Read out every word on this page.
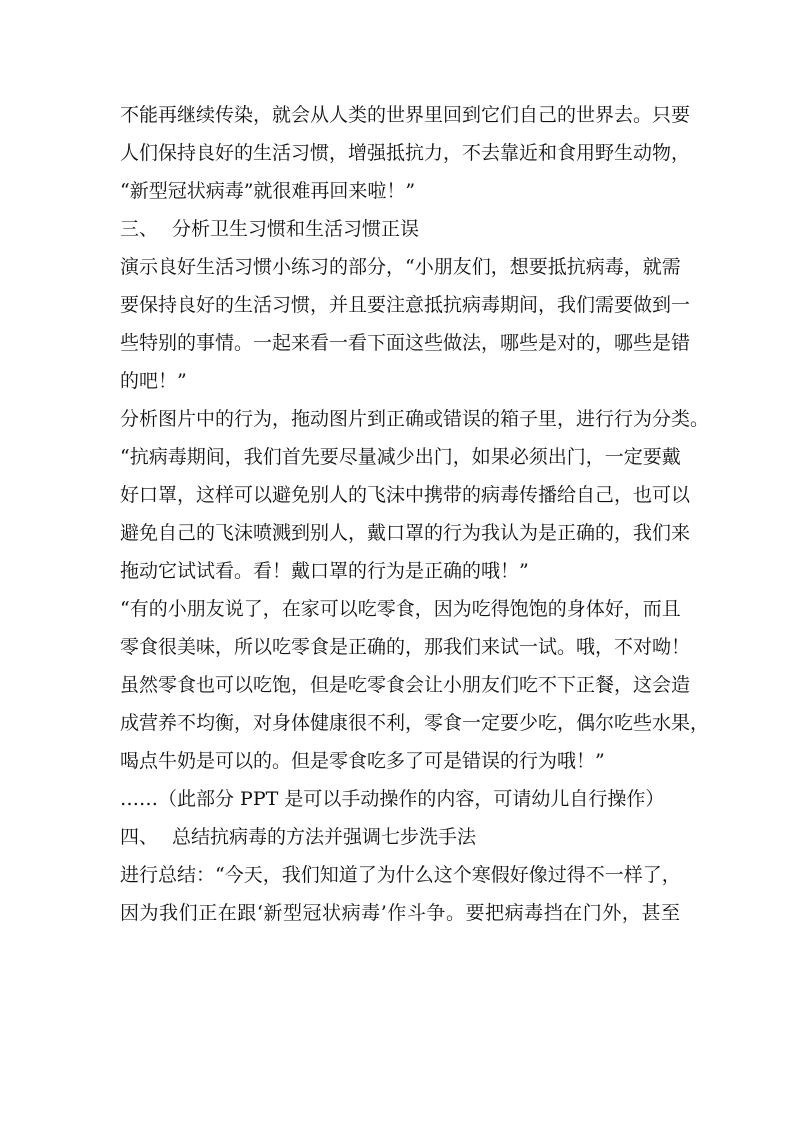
不能再继续传染，就会从人类的世界里回到它们自己的世界去。只要
人们保持良好的生活习惯，增强抵抗力，不去靠近和食用野生动物，
“新型冠状病毒”就很难再回来啦！”
三、 分析卫生习惯和生活习惯正误
演示良好生活习惯小练习的部分，“小朋友们，想要抵抗病毒，就需
要保持良好的生活习惯，并且要注意抵抗病毒期间，我们需要做到一
些特别的事情。一起来看一看下面这些做法，哪些是对的，哪些是错
的吧！”
分析图片中的行为，拖动图片到正确或错误的箱子里，进行行为分类。
“抗病毒期间，我们首先要尽量减少出门，如果必须出门，一定要戴
好口罩，这样可以避免别人的飞沫中携带的病毒传播给自己，也可以
避免自己的飞沫喷溅到别人，戴口罩的行为我认为是正确的，我们来
拖动它试试看。看！戴口罩的行为是正确的哦！”
“有的小朋友说了，在家可以吃零食，因为吃得饱饱的身体好，而且
零食很美味，所以吃零食是正确的，那我们来试一试。哦，不对呦！
虽然零食也可以吃饱，但是吃零食会让小朋友们吃不下正餐，这会造
成营养不均衡，对身体健康很不利，零食一定要少吃，偶尔吃些水果，
喝点牛奶是可以的。但是零食吃多了可是错误的行为哦！”
……（此部分 PPT 是可以手动操作的内容，可请幼儿自行操作）
四、 总结抗病毒的方法并强调七步洗手法
进行总结：“今天，我们知道了为什么这个寒假好像过得不一样了，
因为我们正在跟‘新型冠状病毒’作斗争。要把病毒挡在门外，甚至
